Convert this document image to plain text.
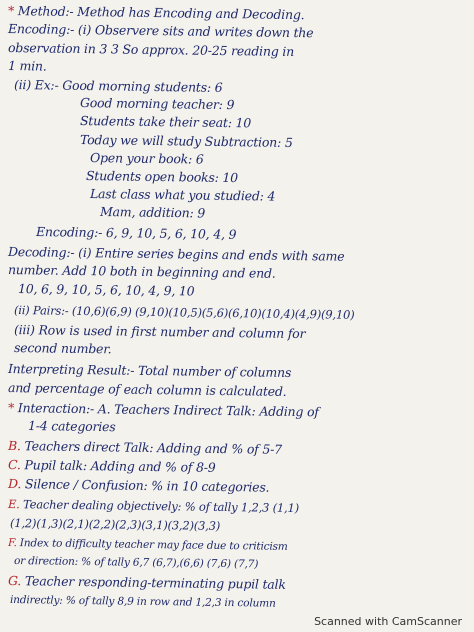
* Method:- Method has Encoding and Decoding.
Encoding:- (i) Observere sits and writes down the
observation in 3 3 So approx. 20-25 reading in
1 min.
(ii) Ex:- Good morning students: 6
Good morning teacher: 9
Students take their seat: 10
Today we will study Subtraction: 5
Open your book: 6
Students open books: 10
Last class what you studied: 4
Mam, addition: 9
Encoding:- 6, 9, 10, 5, 6, 10, 4, 9
Decoding:- (i) Entire series begins and ends with same
number. Add 10 both in beginning and end.
10, 6, 9, 10, 5, 6, 10, 4, 9, 10
(ii) Pairs:- (10,6)(6,9) (9,10)(10,5)(5,6)(6,10)(10,4)(4,9)(9,10)
(iii) Row is used in first number and column for
second number.
Interpreting Result:- Total number of columns
and percentage of each column is calculated.
* Interaction:- A. Teachers Indirect Talk: Adding of
1-4 categories
B. Teachers direct Talk: Adding and % of 5-7
C. Pupil talk: Adding and % of 8-9
D. Silence / Confusion: % in 10 categories.
E. Teacher dealing objectively: % of tally 1,2,3 (1,1)
(1,2)(1,3)(2,1)(2,2)(2,3)(3,1)(3,2)(3,3)
F. Index to difficulty teacher may face due to criticism
or direction: % of tally 6,7 (6,7),(6,6) (7,6) (7,7)
G. Teacher responding-terminating pupil talk
indirectly: % of tally 8,9 in row and 1,2,3 in column
Scanned with CamScanner
